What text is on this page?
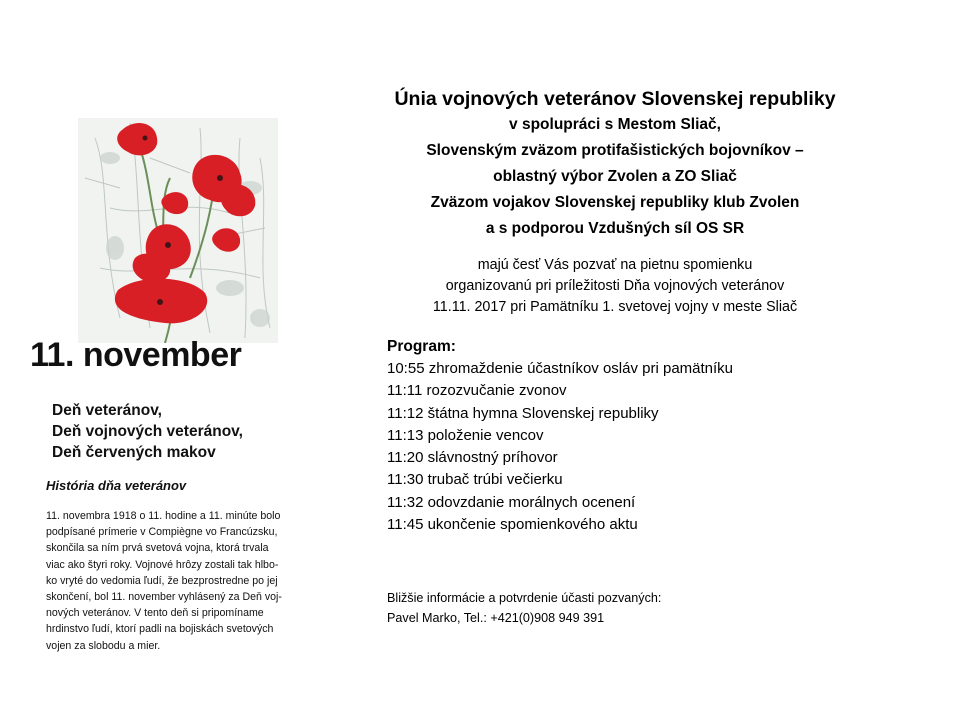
11. november
Deň veteránov,
Deň vojnových veteránov,
Deň červených makov
História dňa veteránov

11. novembra 1918 o 11. hodine a 11. minúte bolo
podpísané prímerie v Compiègne vo Francúzsku,
skončila sa ním prvá svetová vojna, ktorá trvala
viac ako štyri roky. Vojnové hrôzy zostali tak hlbo-
ko vryté do vedomia ľudí, že bezprostredne po jej
skončení, bol 11. november vyhlásený za Deň voj-
nových veteránov. V tento deň si pripomíname
hrdinstvo ľudí, ktorí padli na bojiskách svetových
vojen za slobodu a mier.

Únia vojnových veteránov Slovenskej republiky
v spolupráci s Mestom Sliač,
Slovenským zväzom protifašistických bojovníkov –
oblastný výbor Zvolen a ZO Sliač
Zväzom vojakov Slovenskej republiky klub Zvolen
a s podporou Vzdušných síl OS SR

majú česť Vás pozvať na pietnu spomienku
organizovanú pri príležitosti Dňa vojnových veteránov
11.11. 2017 pri Pamätníku 1. svetovej vojny v meste Sliač

Program:
10:55 zhromaždenie účastníkov osláv pri pamätníku
11:11 rozozvučanie zvonov
11:12 štátna hymna Slovenskej republiky
11:13 položenie vencov
11:20 slávnostný príhovor
11:30 trubač trúbi večierku
11:32 odovzdanie morálnych ocenení
11:45 ukončenie spomienkového aktu
Bližšie informácie a potvrdenie účasti pozvaných:
Pavel Marko, Tel.: +421(0)908 949 391
